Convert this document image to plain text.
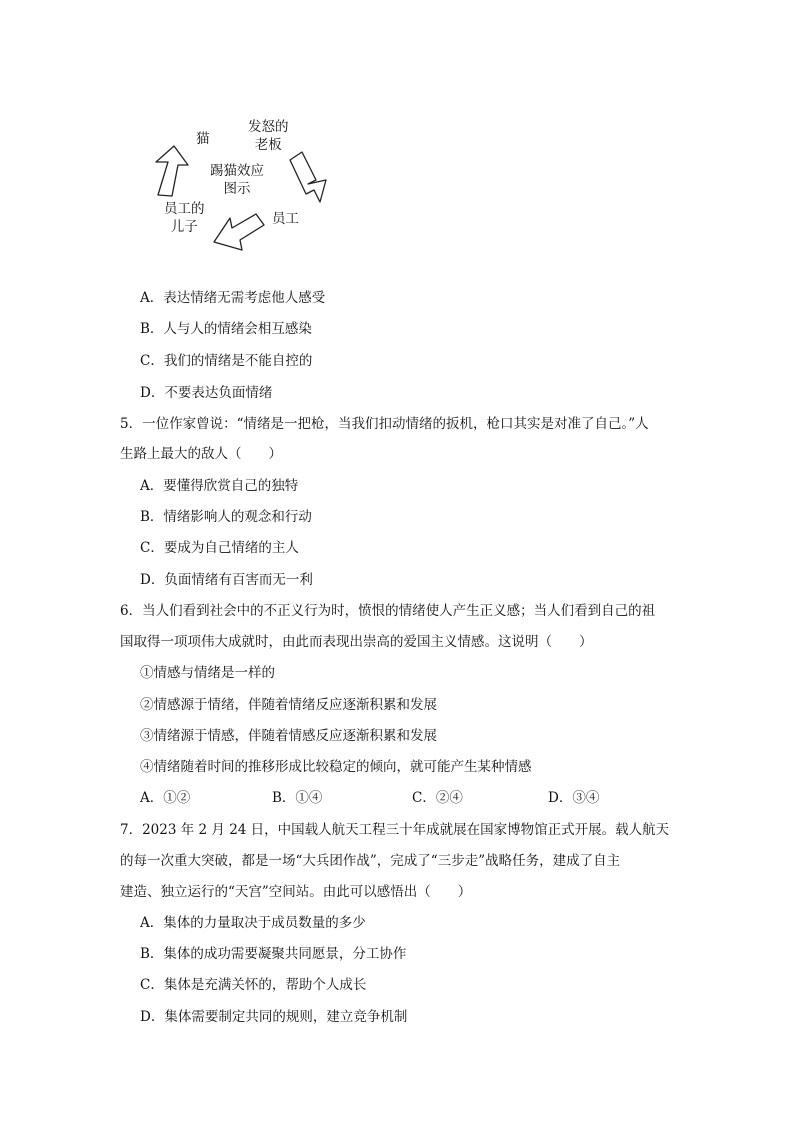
猫
发怒的
老板
踢猫效应
图示
员工的
儿子	员工
A．表达情绪无需考虑他人感受
B．人与人的情绪会相互感染
C．我们的情绪是不能自控的
D．不要表达负面情绪
5．一位作家曾说：“情绪是一把枪，当我们扣动情绪的扳机，枪口其实是对准了自己。”人
生路上最大的敌人（　　）
A．要懂得欣赏自己的独特
B．情绪影响人的观念和行动
C．要成为自己情绪的主人
D．负面情绪有百害而无一利
6．当人们看到社会中的不正义行为时，愤恨的情绪使人产生正义感；当人们看到自己的祖
国取得一项项伟大成就时，由此而表现出崇高的爱国主义情感。这说明（　　）
①情感与情绪是一样的
②情感源于情绪，伴随着情绪反应逐渐积累和发展
③情绪源于情感，伴随着情感反应逐渐积累和发展
④情绪随着时间的推移形成比较稳定的倾向，就可能产生某种情感
A．①②	B．①④	C．②④	D．③④
7．2023 年 2 月 24 日，中国载人航天工程三十年成就展在国家博物馆正式开展。载人航天
的每一次重大突破，都是一场“大兵团作战”，完成了“三步走”战略任务，建成了自主
建造、独立运行的“天宫”空间站。由此可以感悟出（　　）
A．集体的力量取决于成员数量的多少
B．集体的成功需要凝聚共同愿景，分工协作
C．集体是充满关怀的，帮助个人成长
D．集体需要制定共同的规则，建立竞争机制
